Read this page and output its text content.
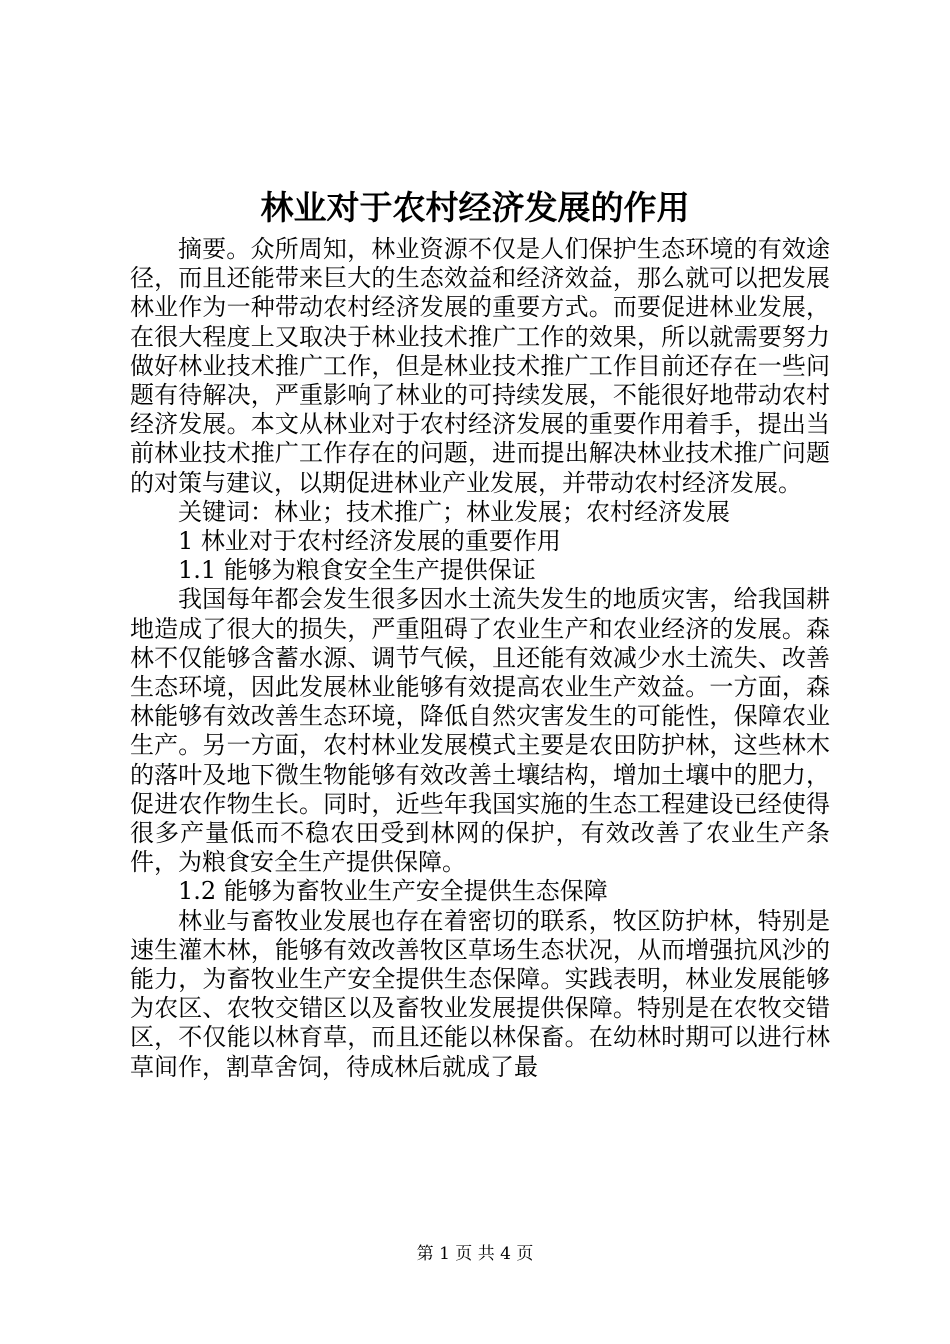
林业对于农村经济发展的作用

摘要。众所周知，林业资源不仅是人们保护生态环境的有效途径，而且还能带来巨大的生态效益和经济效益，那么就可以把发展林业作为一种带动农村经济发展的重要方式。而要促进林业发展，在很大程度上又取决于林业技术推广工作的效果，所以就需要努力做好林业技术推广工作，但是林业技术推广工作目前还存在一些问题有待解决，严重影响了林业的可持续发展，不能很好地带动农村经济发展。本文从林业对于农村经济发展的重要作用着手，提出当前林业技术推广工作存在的问题，进而提出解决林业技术推广问题的对策与建议，以期促进林业产业发展，并带动农村经济发展。

关键词：林业；技术推广；林业发展；农村经济发展

1 林业对于农村经济发展的重要作用

1.1 能够为粮食安全生产提供保证

我国每年都会发生很多因水土流失发生的地质灾害，给我国耕地造成了很大的损失，严重阻碍了农业生产和农业经济的发展。森林不仅能够含蓄水源、调节气候，且还能有效减少水土流失、改善生态环境，因此发展林业能够有效提高农业生产效益。一方面，森林能够有效改善生态环境，降低自然灾害发生的可能性，保障农业生产。另一方面，农村林业发展模式主要是农田防护林，这些林木的落叶及地下微生物能够有效改善土壤结构，增加土壤中的肥力，促进农作物生长。同时，近些年我国实施的生态工程建设已经使得很多产量低而不稳农田受到林网的保护，有效改善了农业生产条件，为粮食安全生产提供保障。

1.2 能够为畜牧业生产安全提供生态保障

林业与畜牧业发展也存在着密切的联系，牧区防护林，特别是速生灌木林，能够有效改善牧区草场生态状况，从而增强抗风沙的能力，为畜牧业生产安全提供生态保障。实践表明，林业发展能够为农区、农牧交错区以及畜牧业发展提供保障。特别是在农牧交错区，不仅能以林育草，而且还能以林保畜。在幼林时期可以进行林草间作，割草舍饲，待成林后就成了最

第 1 页 共 4 页
